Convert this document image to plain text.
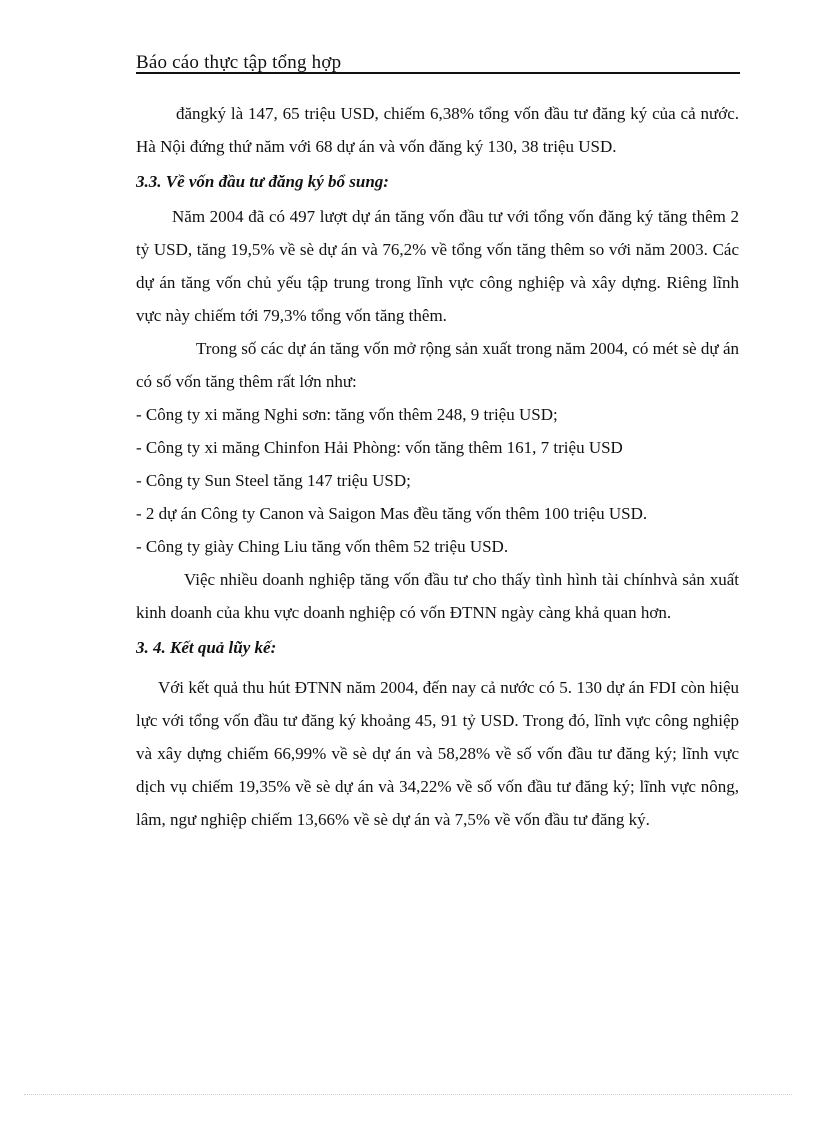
Báo cáo thực tập tổng hợp

đăngký là 147, 65 triệu USD, chiếm 6,38% tổng vốn đầu tư đăng ký của cả nước. Hà Nội đứng thứ năm với 68 dự án và vốn đăng ký 130, 38 triệu USD.

3.3. Về vốn đầu tư đăng ký bổ sung:

Năm 2004 đã có 497 lượt dự án tăng vốn đầu tư với tổng vốn đăng ký tăng thêm 2 tỷ USD, tăng 19,5% về sè dự án và 76,2% về tổng vốn tăng thêm so với năm 2003. Các dự án tăng vốn chủ yếu tập trung trong lĩnh vực công nghiệp và xây dựng. Riêng lĩnh vực này chiếm tới 79,3% tổng vốn tăng thêm.

Trong số các dự án tăng vốn mở rộng sản xuất trong năm 2004, có mét sè dự án có số vốn tăng thêm rất lớn như:

- Công ty xi măng Nghi sơn: tăng vốn thêm 248, 9 triệu USD;

- Công ty xi măng Chinfon Hải Phòng: vốn tăng thêm 161, 7 triệu USD

- Công ty Sun Steel tăng 147 triệu USD;

- 2 dự án Công ty Canon và Saigon Mas đều tăng vốn thêm 100 triệu USD.

- Công ty giày Ching Liu tăng vốn thêm 52 triệu USD.

Việc nhiều doanh nghiệp tăng vốn đầu tư cho thấy tình hình tài chínhvà sản xuất kinh doanh của khu vực doanh nghiệp có vốn ĐTNN ngày càng khả quan hơn.

3. 4. Kết quả lũy kế:

Với kết quả thu hút ĐTNN năm 2004, đến nay cả nước có 5. 130 dự án FDI còn hiệu lực với tổng vốn đầu tư đăng ký khoảng 45, 91 tỷ USD. Trong đó, lĩnh vực công nghiệp và xây dựng chiếm 66,99% về sè dự án và 58,28% về số vốn đầu tư đăng ký; lĩnh vực dịch vụ chiếm 19,35% về sè dự án và 34,22% về số vốn đầu tư đăng ký; lĩnh vực nông, lâm, ngư nghiệp chiếm 13,66% về sè dự án và 7,5% về vốn đầu tư đăng ký.
